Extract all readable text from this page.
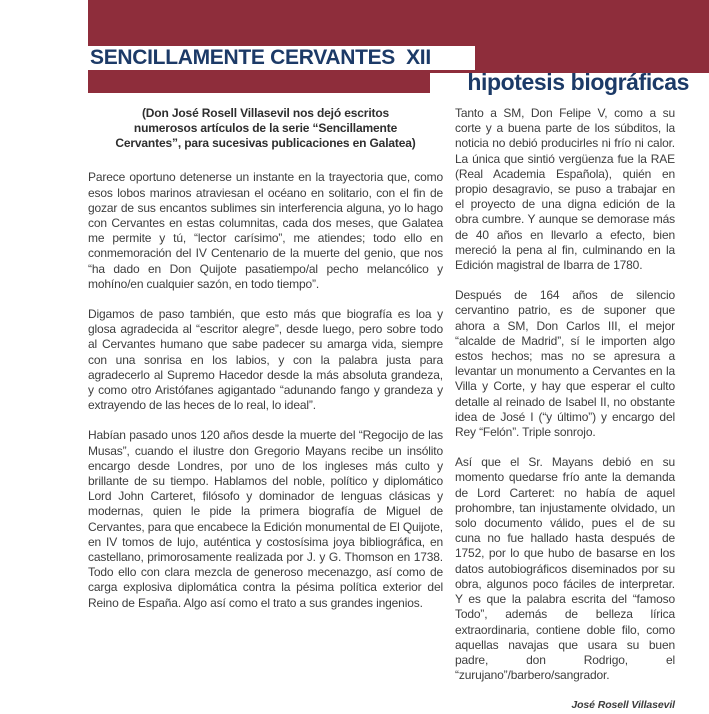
SENCILLAMENTE CERVANTES  XII
hipotesis biográficas
(Don José Rosell Villasevil nos dejó escritos numerosos artículos de la serie “Sencillamente Cervantes”, para sucesivas publicaciones en Galatea)
Parece oportuno detenerse un instante en la trayectoria que, como esos lobos marinos atraviesan el océano en solitario, con el fin de gozar de sus encantos sublimes sin interferencia alguna, yo lo hago con Cervantes en estas columnitas, cada dos meses, que Galatea me permite y tú, “lector carísimo”, me atiendes; todo ello en conmemoración del IV Centenario de la muerte del genio, que nos “ha dado en Don Quijote pasatiempo/al pecho melancólico y mohíno/en cualquier sazón, en todo tiempo”.
Digamos de paso también, que esto más que biografía es loa y glosa agradecida al “escritor alegre”, desde luego, pero sobre todo al Cervantes humano que sabe padecer su amarga vida, siempre con una sonrisa en los labios, y con la palabra justa para agradecerlo al Supremo Hacedor desde la más absoluta grandeza, y como otro Aristófanes agigantado “adunando fango y grandeza y extrayendo de las heces de lo real, lo ideal”.
Habían pasado unos 120 años desde la muerte del “Regocijo de las Musas”, cuando el ilustre don Gregorio Mayans recibe un insólito encargo desde Londres, por uno de los ingleses más culto y brillante de su tiempo. Hablamos del noble, político y diplomático Lord John Carteret, filósofo y dominador de lenguas clásicas y modernas, quien le pide la primera biografía de Miguel de Cervantes, para que encabece la Edición monumental de El Quijote, en IV tomos de lujo, auténtica y costosísima joya bibliográfica, en castellano, primorosamente realizada por J. y G. Thomson en 1738. Todo ello con clara mezcla de generoso mecenazgo, así como de carga explosiva diplomática contra la pésima política exterior del Reino de España. Algo así como el trato a sus grandes ingenios.
Tanto a SM, Don Felipe V, como a su corte y a buena parte de los súbditos, la noticia no debió producirles ni frío ni calor. La única que sintió vergüenza fue la RAE (Real Academia Española), quién en propio desagravio, se puso a trabajar en el proyecto de una digna edición de la obra cumbre. Y aunque se demorase más de 40 años en llevarlo a efecto, bien mereció la pena al fin, culminando en la Edición magistral de Ibarra de 1780.
Después de 164 años de silencio cervantino patrio, es de suponer que ahora a SM, Don Carlos III, el mejor “alcalde de Madrid”, sí le importen algo estos hechos; mas no se apresura a levantar un monumento a Cervantes en la Villa y Corte, y hay que esperar el culto detalle al reinado de Isabel II, no obstante idea de José I (“y último”) y encargo del Rey “Felón”. Triple sonrojo.
Así que el Sr. Mayans debió en su momento quedarse frío ante la demanda de Lord Carteret: no había de aquel prohombre, tan injustamente olvidado, un solo documento válido, pues el de su cuna no fue hallado hasta después de 1752, por lo que hubo de basarse en los datos autobiográficos diseminados por su obra, algunos poco fáciles de interpretar. Y es que la palabra escrita del “famoso Todo”, además de belleza lírica extraordinaria, contiene doble filo, como aquellas navajas que usara su buen padre, don Rodrigo, el “zurujano”/barbero/sangrador.
José Rosell Villasevil
